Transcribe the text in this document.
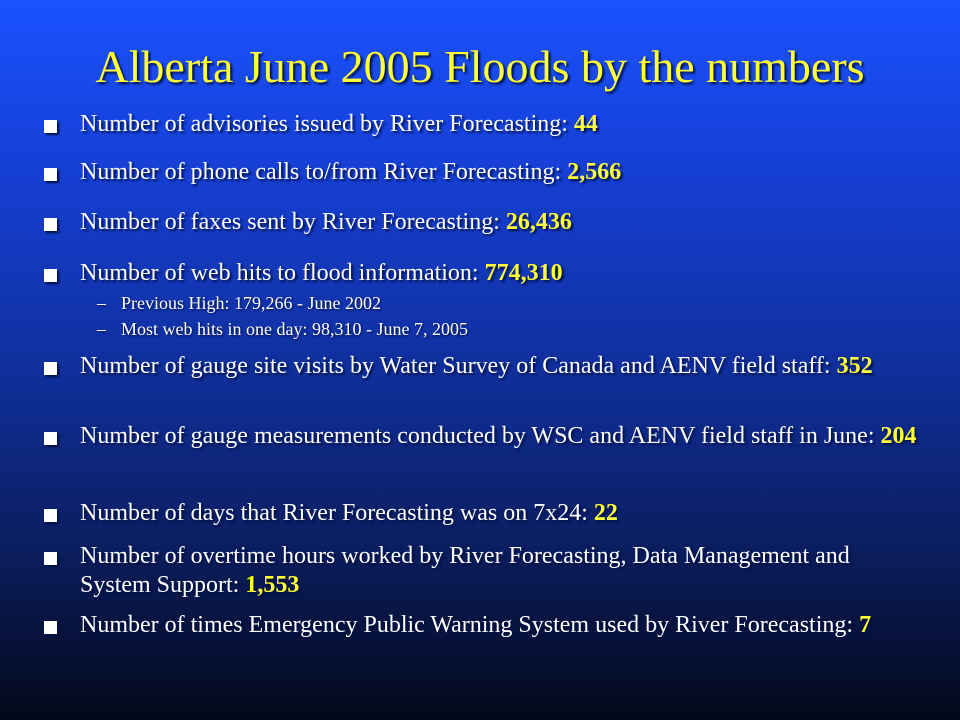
Alberta June 2005 Floods by the numbers
Number of advisories issued by River Forecasting: 44
Number of phone calls to/from River Forecasting: 2,566
Number of faxes sent by River Forecasting: 26,436
Number of web hits to flood information: 774,310
– Previous High: 179,266 - June 2002
– Most web hits in one day: 98,310 - June 7, 2005
Number of gauge site visits by Water Survey of Canada and AENV field staff: 352
Number of gauge measurements conducted by WSC and AENV field staff in June: 204
Number of days that River Forecasting was on 7x24: 22
Number of overtime hours worked by River Forecasting, Data Management and System Support: 1,553
Number of times Emergency Public Warning System used by River Forecasting: 7
